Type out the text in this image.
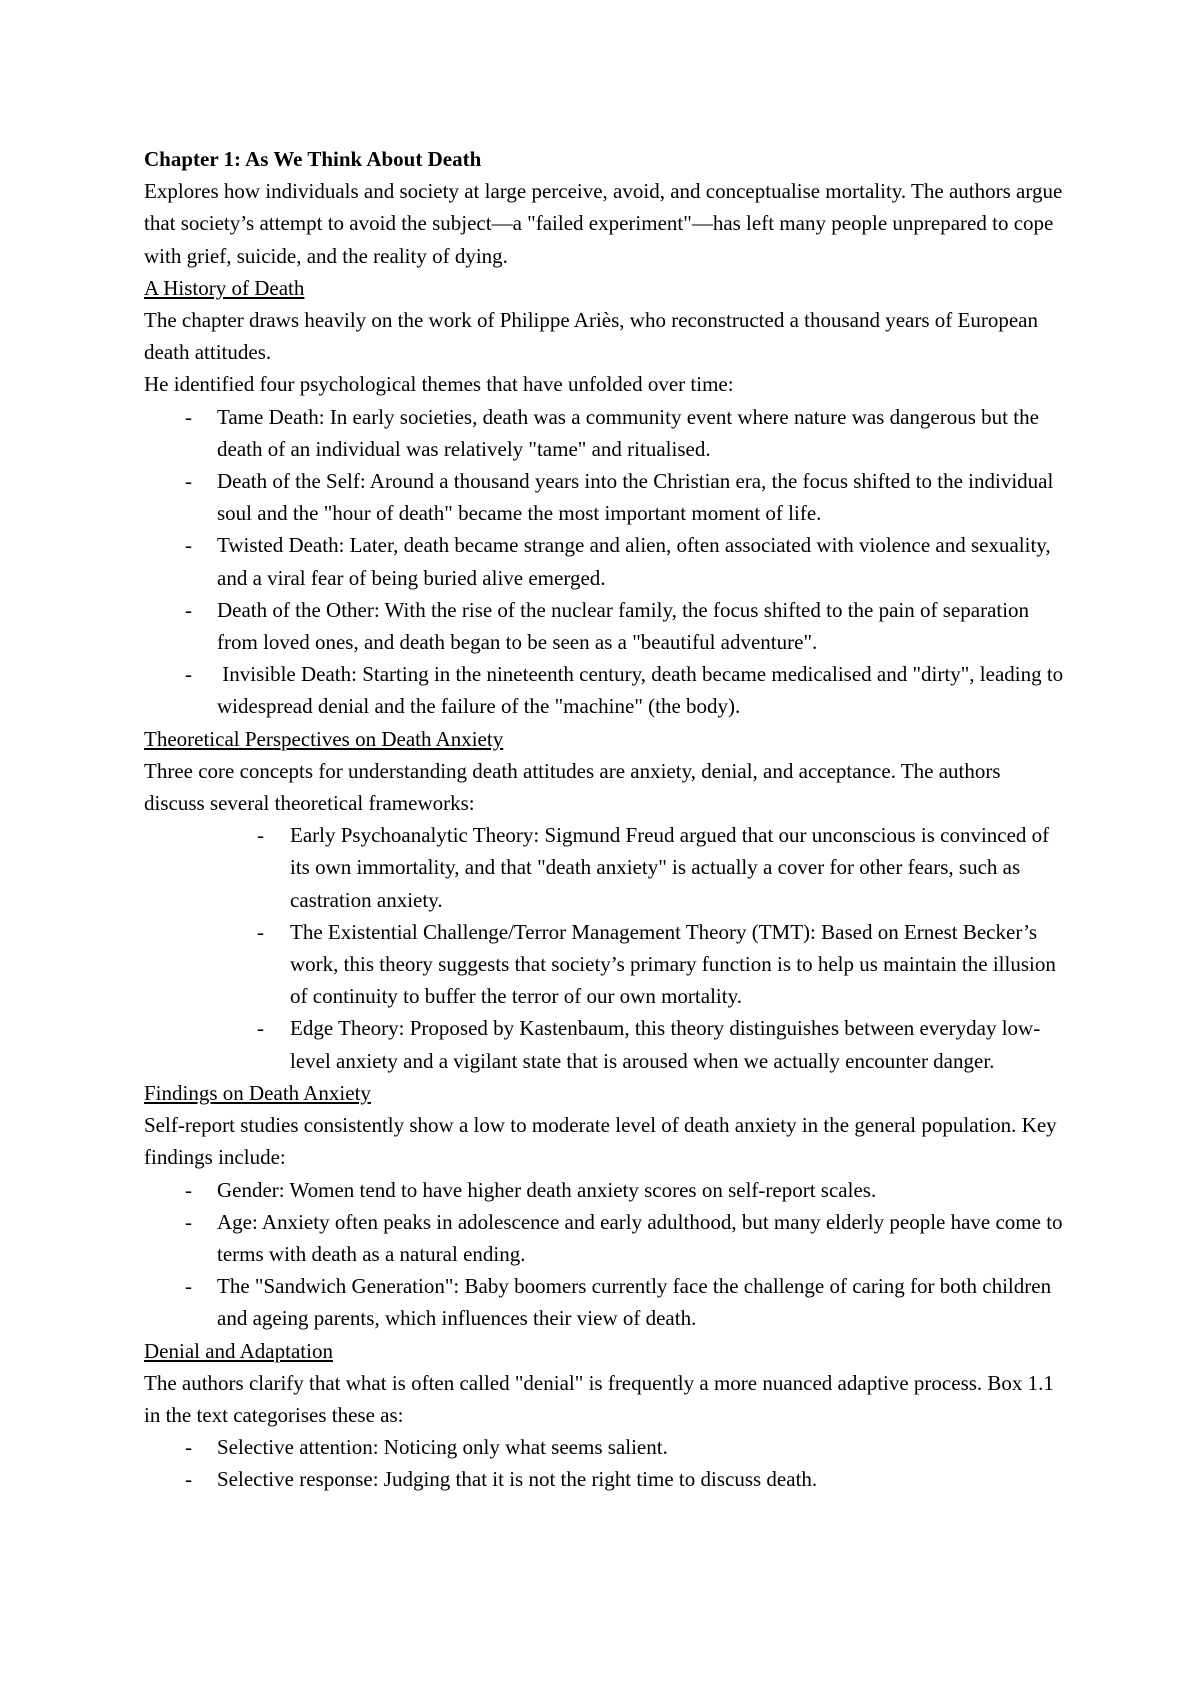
Chapter 1: As We Think About Death

Explores how individuals and society at large perceive, avoid, and conceptualise mortality. The authors argue that society’s attempt to avoid the subject—a "failed experiment"—has left many people unprepared to cope with grief, suicide, and the reality of dying.

A History of Death

The chapter draws heavily on the work of Philippe Ariès, who reconstructed a thousand years of European death attitudes.

He identified four psychological themes that have unfolded over time:

- Tame Death: In early societies, death was a community event where nature was dangerous but the death of an individual was relatively "tame" and ritualised.
- Death of the Self: Around a thousand years into the Christian era, the focus shifted to the individual soul and the "hour of death" became the most important moment of life.
- Twisted Death: Later, death became strange and alien, often associated with violence and sexuality, and a viral fear of being buried alive emerged.
- Death of the Other: With the rise of the nuclear family, the focus shifted to the pain of separation from loved ones, and death began to be seen as a "beautiful adventure".
- Invisible Death: Starting in the nineteenth century, death became medicalised and "dirty", leading to widespread denial and the failure of the "machine" (the body).
Theoretical Perspectives on Death Anxiety

Three core concepts for understanding death attitudes are anxiety, denial, and acceptance. The authors discuss several theoretical frameworks:

- Early Psychoanalytic Theory: Sigmund Freud argued that our unconscious is convinced of its own immortality, and that "death anxiety" is actually a cover for other fears, such as castration anxiety.
- The Existential Challenge/Terror Management Theory (TMT): Based on Ernest Becker’s work, this theory suggests that society’s primary function is to help us maintain the illusion of continuity to buffer the terror of our own mortality.
- Edge Theory: Proposed by Kastenbaum, this theory distinguishes between everyday low-level anxiety and a vigilant state that is aroused when we actually encounter danger.
Findings on Death Anxiety

Self-report studies consistently show a low to moderate level of death anxiety in the general population. Key findings include:

- Gender: Women tend to have higher death anxiety scores on self-report scales.
- Age: Anxiety often peaks in adolescence and early adulthood, but many elderly people have come to terms with death as a natural ending.
- The "Sandwich Generation": Baby boomers currently face the challenge of caring for both children and ageing parents, which influences their view of death.
Denial and Adaptation

The authors clarify that what is often called "denial" is frequently a more nuanced adaptive process. Box 1.1 in the text categorises these as:

- Selective attention: Noticing only what seems salient.
- Selective response: Judging that it is not the right time to discuss death.
